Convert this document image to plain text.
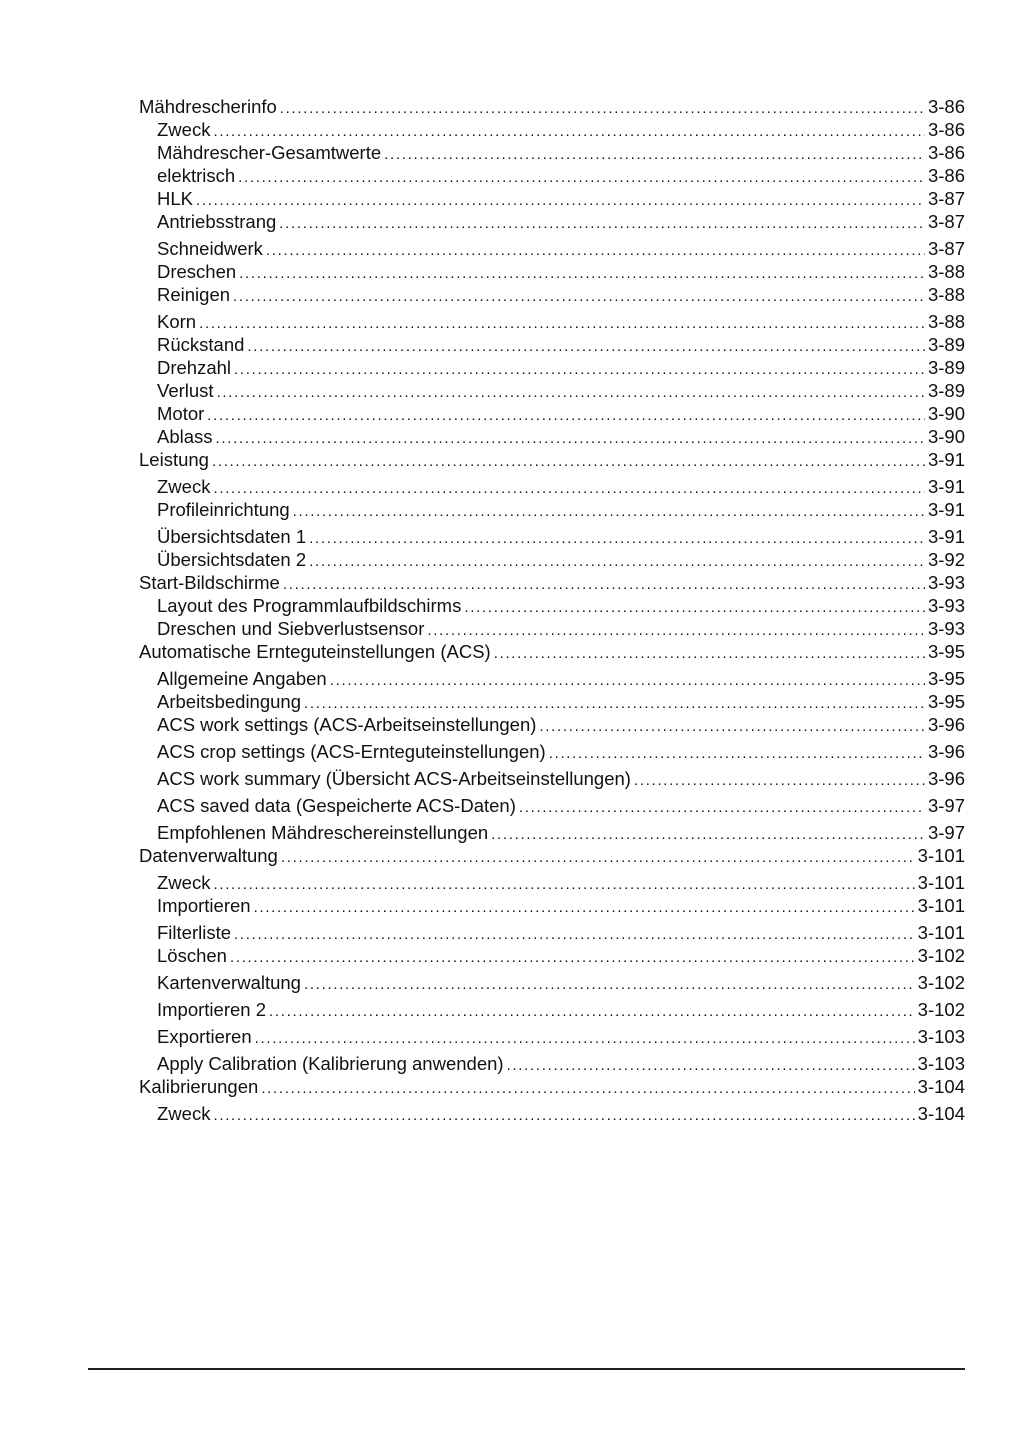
Mähdrescherinfo .....	3-86
Zweck .....	3-86
Mähdrescher-Gesamtwerte .....	3-86
elektrisch .....	3-86
HLK .....	3-87
Antriebsstrang .....	3-87
Schneidwerk .....	3-87
Dreschen .....	3-88
Reinigen .....	3-88
Korn .....	3-88
Rückstand .....	3-89
Drehzahl .....	3-89
Verlust .....	3-89
Motor .....	3-90
Ablass .....	3-90
Leistung .....	3-91
Zweck .....	3-91
Profileinrichtung .....	3-91
Übersichtsdaten 1 .....	3-91
Übersichtsdaten 2 .....	3-92
Start-Bildschirme .....	3-93
Layout des Programmlaufbildschirms .....	3-93
Dreschen und Siebverlustsensor .....	3-93
Automatische Ernteguteinstellungen (ACS) .....	3-95
Allgemeine Angaben .....	3-95
Arbeitsbedingung .....	3-95
ACS work settings (ACS-Arbeitseinstellungen) .....	3-96
ACS crop settings (ACS-Ernteguteinstellungen) .....	3-96
ACS work summary (Übersicht ACS-Arbeitseinstellungen) .....	3-96
ACS saved data (Gespeicherte ACS-Daten) .....	3-97
Empfohlenen Mähdreschereinstellungen .....	3-97
Datenverwaltung .....	3-101
Zweck .....	3-101
Importieren .....	3-101
Filterliste .....	3-101
Löschen .....	3-102
Kartenverwaltung .....	3-102
Importieren 2 .....	3-102
Exportieren .....	3-103
Apply Calibration (Kalibrierung anwenden) .....	3-103
Kalibrierungen .....	3-104
Zweck .....	3-104
